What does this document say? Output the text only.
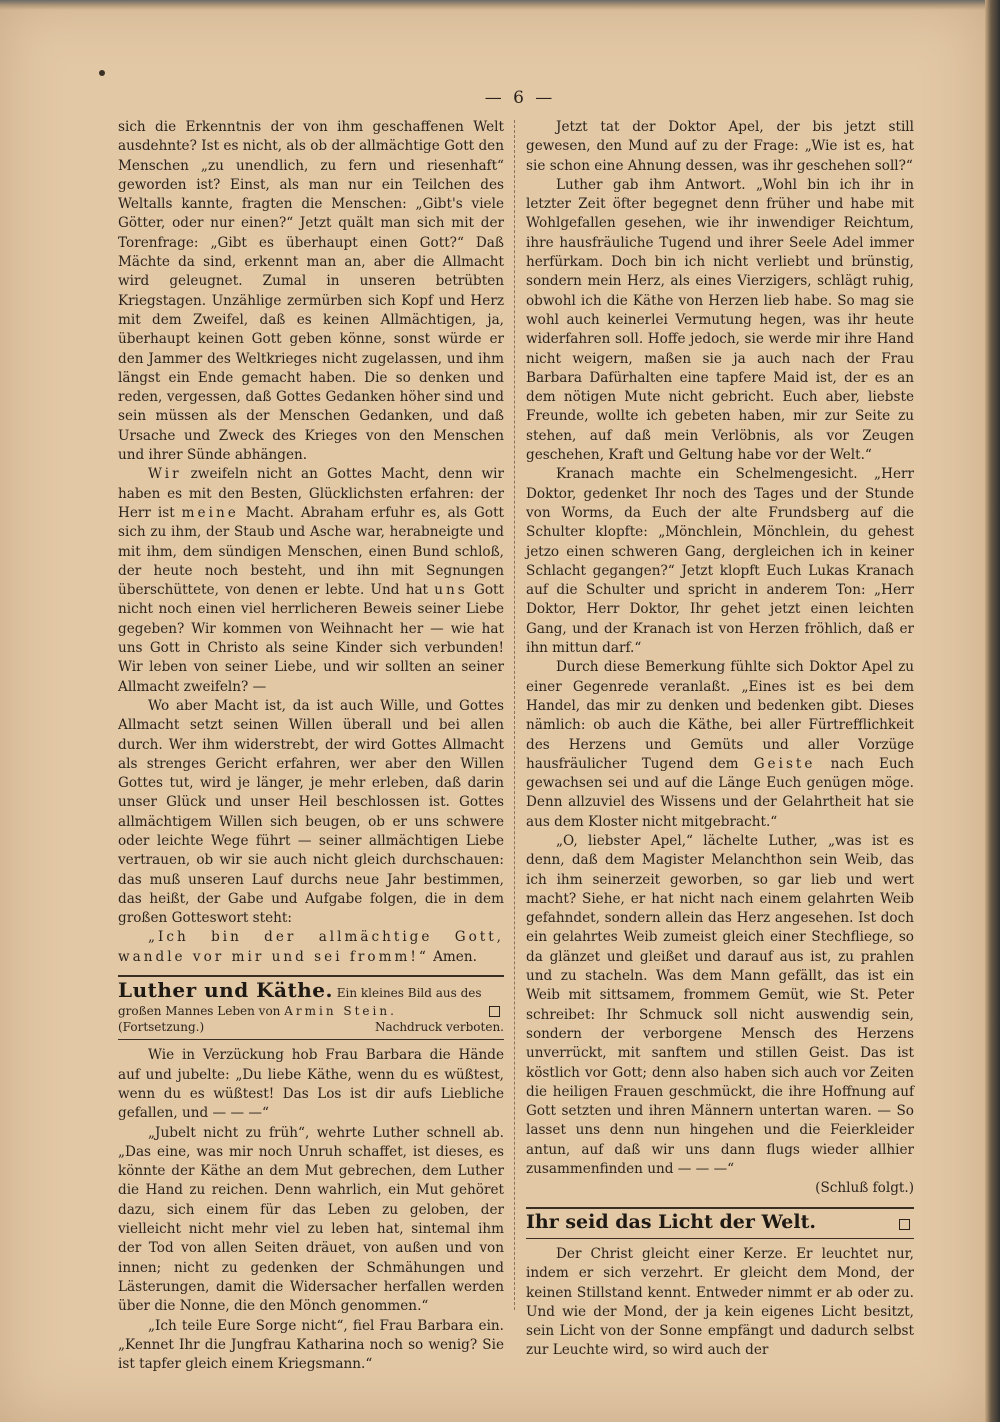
— 6 —

sich die Erkenntnis der von ihm geschaffenen Welt ausdehnte? Ist es nicht, als ob der allmächtige Gott den Menschen „zu unendlich, zu fern und riesenhaft“ geworden ist? Einst, als man nur ein Teilchen des Weltalls kannte, fragten die Menschen: „Gibt's viele Götter, oder nur einen?“ Jetzt quält man sich mit der Torenfrage: „Gibt es überhaupt einen Gott?“ Daß Mächte da sind, erkennt man an, aber die Allmacht wird geleugnet. Zumal in unseren betrübten Kriegstagen. Unzählige zermürben sich Kopf und Herz mit dem Zweifel, daß es keinen Allmächtigen, ja, überhaupt keinen Gott geben könne, sonst würde er den Jammer des Weltkrieges nicht zugelassen, und ihm längst ein Ende gemacht haben. Die so denken und reden, vergessen, daß Gottes Gedanken höher sind und sein müssen als der Menschen Gedanken, und daß Ursache und Zweck des Krieges von den Menschen und ihrer Sünde abhängen.

Wir zweifeln nicht an Gottes Macht, denn wir haben es mit den Besten, Glücklichsten erfahren: der Herr ist meine Macht. Abraham erfuhr es, als Gott sich zu ihm, der Staub und Asche war, herabneigte und mit ihm, dem sündigen Menschen, einen Bund schloß, der heute noch besteht, und ihn mit Segnungen überschüttete, von denen er lebte. Und hat uns Gott nicht noch einen viel herrlicheren Beweis seiner Liebe gegeben? Wir kommen von Weihnacht her — wie hat uns Gott in Christo als seine Kinder sich verbunden! Wir leben von seiner Liebe, und wir sollten an seiner Allmacht zweifeln? —

Wo aber Macht ist, da ist auch Wille, und Gottes Allmacht setzt seinen Willen überall und bei allen durch. Wer ihm widerstrebt, der wird Gottes Allmacht als strenges Gericht erfahren, wer aber den Willen Gottes tut, wird je länger, je mehr erleben, daß darin unser Glück und unser Heil beschlossen ist. Gottes allmächtigem Willen sich beugen, ob er uns schwere oder leichte Wege führt — seiner allmächtigen Liebe vertrauen, ob wir sie auch nicht gleich durchschauen: das muß unseren Lauf durchs neue Jahr bestimmen, das heißt, der Gabe und Aufgabe folgen, die in dem großen Gotteswort steht:

„Ich bin der allmächtige Gott, wandle vor mir und sei fromm!“ Amen.

Luther und Käthe. Ein kleines Bild aus des
großen Mannes Leben von Armin Stein.
(Fortsetzung.)	Nachdruck verboten.

Wie in Verzückung hob Frau Barbara die Hände auf und jubelte: „Du liebe Käthe, wenn du es wüßtest, wenn du es wüßtest! Das Los ist dir aufs Liebliche gefallen, und — — —“

„Jubelt nicht zu früh“, wehrte Luther schnell ab. „Das eine, was mir noch Unruh schaffet, ist dieses, es könnte der Käthe an dem Mut gebrechen, dem Luther die Hand zu reichen. Denn wahrlich, ein Mut gehöret dazu, sich einem für das Leben zu geloben, der vielleicht nicht mehr viel zu leben hat, sintemal ihm der Tod von allen Seiten dräuet, von außen und von innen; nicht zu gedenken der Schmähungen und Lästerungen, damit die Widersacher herfallen werden über die Nonne, die den Mönch genommen.“

„Ich teile Eure Sorge nicht“, fiel Frau Barbara ein. „Kennet Ihr die Jungfrau Katharina noch so wenig? Sie ist tapfer gleich einem Kriegsmann.“

Jetzt tat der Doktor Apel, der bis jetzt still gewesen, den Mund auf zu der Frage: „Wie ist es, hat sie schon eine Ahnung dessen, was ihr geschehen soll?“

Luther gab ihm Antwort. „Wohl bin ich ihr in letzter Zeit öfter begegnet denn früher und habe mit Wohlgefallen gesehen, wie ihr inwendiger Reichtum, ihre hausfräuliche Tugend und ihrer Seele Adel immer herfürkam. Doch bin ich nicht verliebt und brünstig, sondern mein Herz, als eines Vierzigers, schlägt ruhig, obwohl ich die Käthe von Herzen lieb habe. So mag sie wohl auch keinerlei Vermutung hegen, was ihr heute widerfahren soll. Hoffe jedoch, sie werde mir ihre Hand nicht weigern, maßen sie ja auch nach der Frau Barbara Dafürhalten eine tapfere Maid ist, der es an dem nötigen Mute nicht gebricht. Euch aber, liebste Freunde, wollte ich gebeten haben, mir zur Seite zu stehen, auf daß mein Verlöbnis, als vor Zeugen geschehen, Kraft und Geltung habe vor der Welt.“

Kranach machte ein Schelmengesicht. „Herr Doktor, gedenket Ihr noch des Tages und der Stunde von Worms, da Euch der alte Frundsberg auf die Schulter klopfte: „Mönchlein, Mönchlein, du gehest jetzo einen schweren Gang, dergleichen ich in keiner Schlacht gegangen?“ Jetzt klopft Euch Lukas Kranach auf die Schulter und spricht in anderem Ton: „Herr Doktor, Herr Doktor, Ihr gehet jetzt einen leichten Gang, und der Kranach ist von Herzen fröhlich, daß er ihn mittun darf.“

Durch diese Bemerkung fühlte sich Doktor Apel zu einer Gegenrede veranlaßt. „Eines ist es bei dem Handel, das mir zu denken und bedenken gibt. Dieses nämlich: ob auch die Käthe, bei aller Fürtrefflichkeit des Herzens und Gemüts und aller Vorzüge hausfräulicher Tugend dem Geiste nach Euch gewachsen sei und auf die Länge Euch genügen möge. Denn allzuviel des Wissens und der Gelahrtheit hat sie aus dem Kloster nicht mitgebracht.“

„O, liebster Apel,“ lächelte Luther, „was ist es denn, daß dem Magister Melanchthon sein Weib, das ich ihm seinerzeit geworben, so gar lieb und wert macht? Siehe, er hat nicht nach einem gelahrten Weib gefahndet, sondern allein das Herz angesehen. Ist doch ein gelahrtes Weib zumeist gleich einer Stechfliege, so da glänzet und gleißet und darauf aus ist, zu prahlen und zu stacheln. Was dem Mann gefällt, das ist ein Weib mit sittsamem, frommem Gemüt, wie St. Peter schreibet: Ihr Schmuck soll nicht auswendig sein, sondern der verborgene Mensch des Herzens unverrückt, mit sanftem und stillen Geist. Das ist köstlich vor Gott; denn also haben sich auch vor Zeiten die heiligen Frauen geschmückt, die ihre Hoffnung auf Gott setzten und ihren Männern untertan waren. — So lasset uns denn nun hingehen und die Feierkleider antun, auf daß wir uns dann flugs wieder allhier zusammenfinden und — — —“

(Schluß folgt.)
Ihr seid das Licht der Welt.

Der Christ gleicht einer Kerze. Er leuchtet nur, indem er sich verzehrt. Er gleicht dem Mond, der keinen Stillstand kennt. Entweder nimmt er ab oder zu. Und wie der Mond, der ja kein eigenes Licht besitzt, sein Licht von der Sonne empfängt und dadurch selbst zur Leuchte wird, so wird auch der
